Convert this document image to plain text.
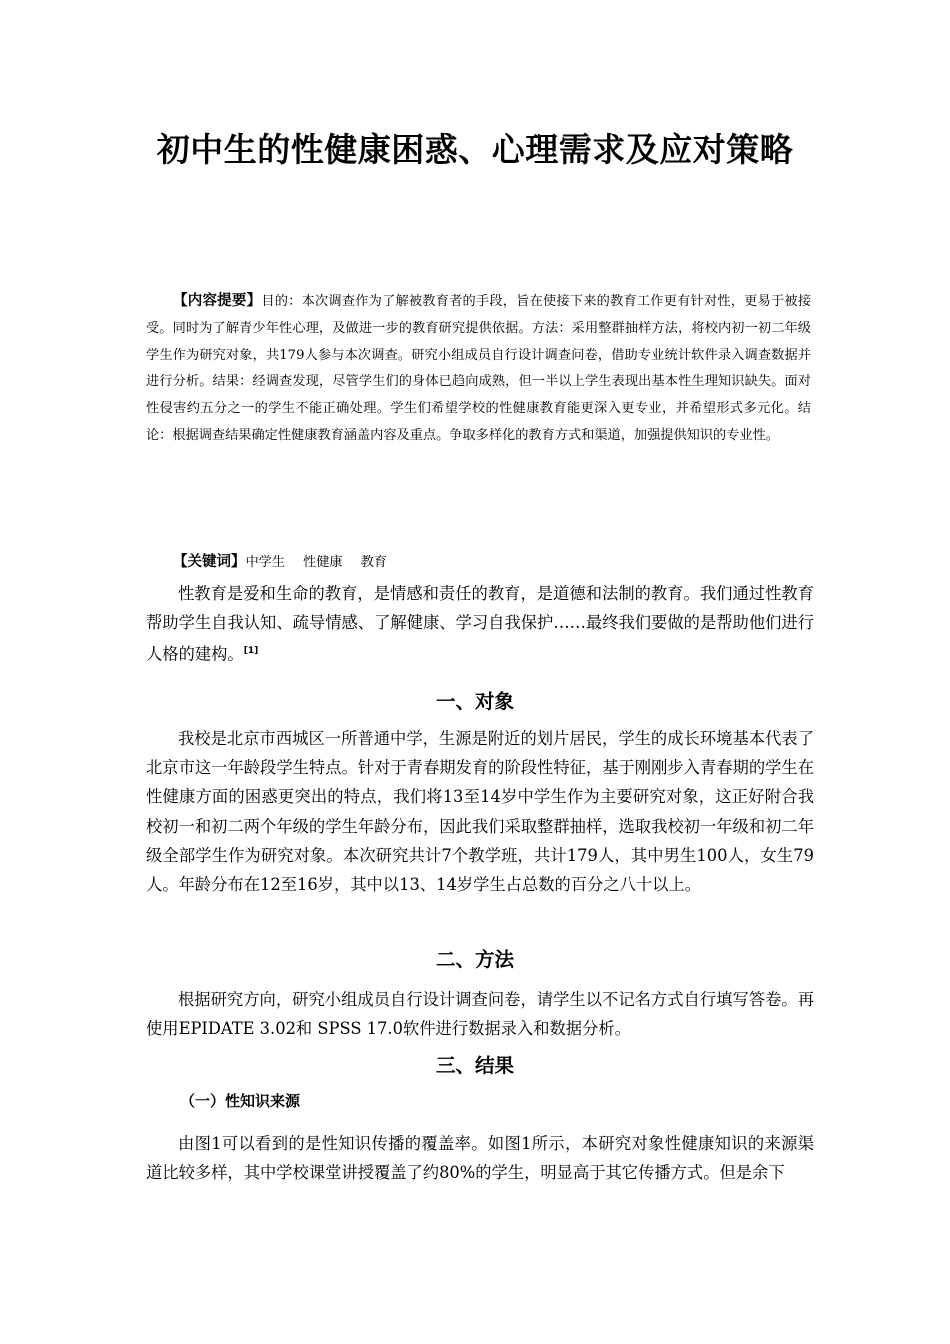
初中生的性健康困惑、心理需求及应对策略

【内容提要】目的：本次调查作为了解被教育者的手段，旨在使接下来的教育工作更有针对性，更易于被接受。同时为了解青少年性心理，及做进一步的教育研究提供依据。方法：采用整群抽样方法，将校内初一初二年级学生作为研究对象，共179人参与本次调查。研究小组成员自行设计调查问卷，借助专业统计软件录入调查数据并进行分析。结果：经调查发现，尽管学生们的身体已趋向成熟，但一半以上学生表现出基本性生理知识缺失。面对性侵害约五分之一的学生不能正确处理。学生们希望学校的性健康教育能更深入更专业，并希望形式多元化。结论：根据调查结果确定性健康教育涵盖内容及重点。争取多样化的教育方式和渠道，加强提供知识的专业性。

【关键词】中学生 性健康 教育

性教育是爱和生命的教育，是情感和责任的教育，是道德和法制的教育。我们通过性教育帮助学生自我认知、疏导情感、了解健康、学习自我保护……最终我们要做的是帮助他们进行人格的建构。[1]

一、对象

我校是北京市西城区一所普通中学，生源是附近的划片居民，学生的成长环境基本代表了北京市这一年龄段学生特点。针对于青春期发育的阶段性特征，基于刚刚步入青春期的学生在性健康方面的困惑更突出的特点，我们将13至14岁中学生作为主要研究对象，这正好附合我校初一和初二两个年级的学生年龄分布，因此我们采取整群抽样，选取我校初一年级和初二年级全部学生作为研究对象。本次研究共计7个教学班，共计179人，其中男生100人，女生79人。年龄分布在12至16岁，其中以13、14岁学生占总数的百分之八十以上。

二、方法

根据研究方向，研究小组成员自行设计调查问卷，请学生以不记名方式自行填写答卷。再使用EPIDATE 3.02和 SPSS 17.0软件进行数据录入和数据分析。

三、结果
（一）性知识来源

由图1可以看到的是性知识传播的覆盖率。如图1所示，本研究对象性健康知识的来源渠道比较多样，其中学校课堂讲授覆盖了约80%的学生，明显高于其它传播方式。但是余下
